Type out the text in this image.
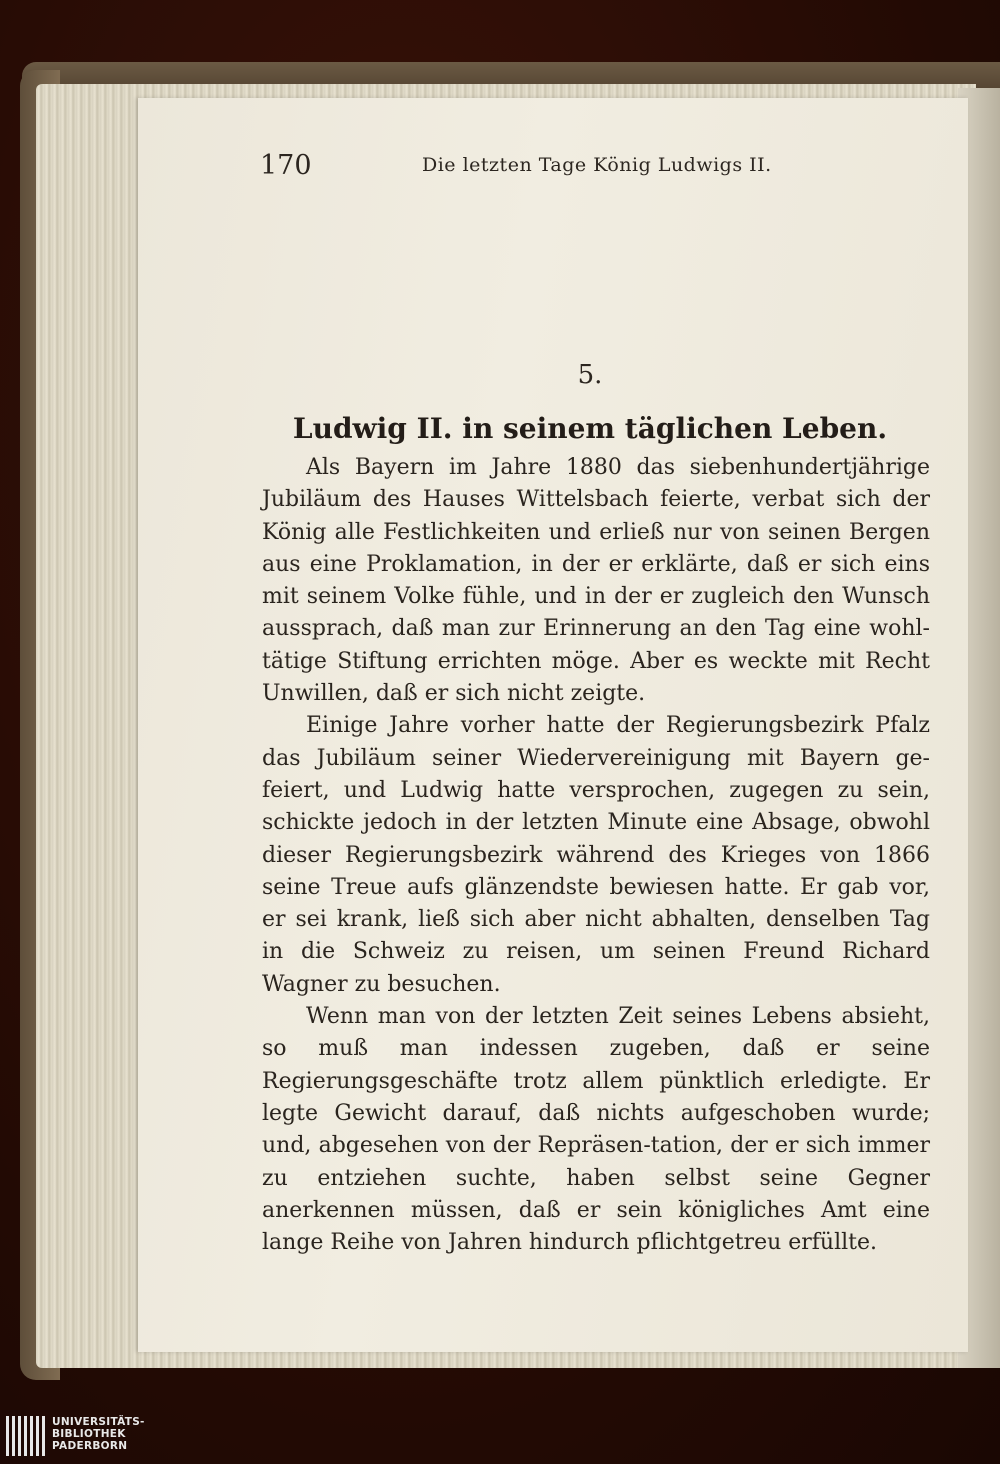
170	Die letzten Tage König Ludwigs II.
5.
Ludwig II. in seinem täglichen Leben.

Als Bayern im Jahre 1880 das siebenhundertjährige Jubiläum des Hauses Wittelsbach feierte, verbat sich der König alle Festlichkeiten und erließ nur von seinen Bergen aus eine Proklamation, in der er erklärte, daß er sich eins mit seinem Volke fühle, und in der er zugleich den Wunsch aussprach, daß man zur Erinnerung an den Tag eine wohl-tätige Stiftung errichten möge. Aber es weckte mit Recht Unwillen, daß er sich nicht zeigte.

Einige Jahre vorher hatte der Regierungsbezirk Pfalz das Jubiläum seiner Wiedervereinigung mit Bayern ge-feiert, und Ludwig hatte versprochen, zugegen zu sein, schickte jedoch in der letzten Minute eine Absage, obwohl dieser Regierungsbezirk während des Krieges von 1866 seine Treue aufs glänzendste bewiesen hatte. Er gab vor, er sei krank, ließ sich aber nicht abhalten, denselben Tag in die Schweiz zu reisen, um seinen Freund Richard Wagner zu besuchen.

Wenn man von der letzten Zeit seines Lebens absieht, so muß man indessen zugeben, daß er seine Regierungsgeschäfte trotz allem pünktlich erledigte. Er legte Gewicht darauf, daß nichts aufgeschoben wurde; und, abgesehen von der Repräsen-tation, der er sich immer zu entziehen suchte, haben selbst seine Gegner anerkennen müssen, daß er sein königliches Amt eine lange Reihe von Jahren hindurch pflichtgetreu erfüllte.

UNIVERSITÄTS-
BIBLIOTHEK
PADERBORN
